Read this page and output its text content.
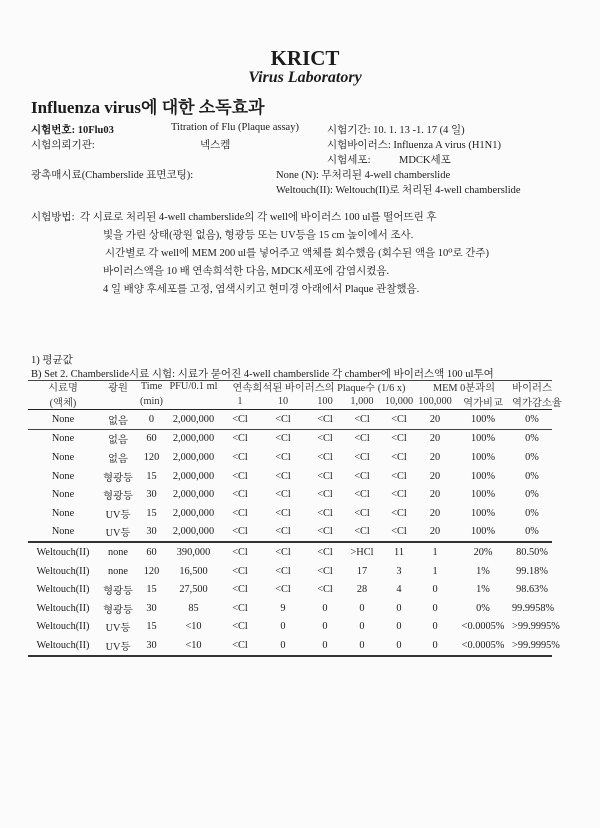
KRICT
Virus Laboratory
Influenza virus에 대한 소독효과
시험번호: 10Flu03	Titration of Flu (Plaque assay)	시험기간: 10. 1. 13 -1. 17 (4 일)
시험의뢰기관:	넥스켐	시험바이러스: Influenza A virus (H1N1)
시험세포:	MDCK세포
광촉매시료(Chamberslide 표면코팅):	None (N): 무처리된 4-well chamberslide
Weltouch(II): Weltouch(II)로 처리된 4-well chamberslide
시험방법: 각 시료로 처리된 4-well chamberslide의 각 well에 바이러스 100 ul를 떨어뜨린 후
빛을 가린 상태(광원 없음), 형광등 또는 UV등을 15 cm 높이에서 조사.
시간별로 각 well에 MEM 200 ul를 넣어주고 액체를 회수했음 (회수된 액을 10⁰로 간주)
바이러스액을 10 배 연속희석한 다음, MDCK세포에 감염시켰음.
4 일 배양 후세포를 고정, 염색시키고 현미경 아래에서 Plaque 관찰했음.
1) 평균값
B) Set 2. Chamberslide시료 시험: 시료가 묻어진 4-well chamberslide 각 chamber에 바이러스액 100 ul투여
시료명	광원	Time	PFU/0.1 ml	연속희석된 바이러스의 Plaque수 (1/6 x)					MEM 0분과의		바이러스
(액체)		(min)		1	10	100	1,000	10,000	100,000	역가비교	역가감소율
None	없음	0	2,000,000	<Cl	<Cl	<Cl	<Cl	<Cl	20	100%	0%
None	없음	60	2,000,000	<Cl	<Cl	<Cl	<Cl	<Cl	20	100%	0%
None	없음	120	2,000,000	<Cl	<Cl	<Cl	<Cl	<Cl	20	100%	0%
None	형광등	15	2,000,000	<Cl	<Cl	<Cl	<Cl	<Cl	20	100%	0%
None	형광등	30	2,000,000	<Cl	<Cl	<Cl	<Cl	<Cl	20	100%	0%
None	UV등	15	2,000,000	<Cl	<Cl	<Cl	<Cl	<Cl	20	100%	0%
None	UV등	30	2,000,000	<Cl	<Cl	<Cl	<Cl	<Cl	20	100%	0%
Weltouch(II)	none	60	390,000	<Cl	<Cl	<Cl	>HCl	11	1	20%	80.50%
Weltouch(II)	none	120	16,500	<Cl	<Cl	<Cl	17	3	1	1%	99.18%
Weltouch(II)	형광등	15	27,500	<Cl	<Cl	<Cl	28	4	0	1%	98.63%
Weltouch(II)	형광등	30	85	<Cl	9	0	0	0	0	0%	99.9958%
Weltouch(II)	UV등	15	<10	<Cl	0	0	0	0	0	<0.0005%	>99.9995%
Weltouch(II)	UV등	30	<10	<Cl	0	0	0	0	0	<0.0005%	>99.9995%
